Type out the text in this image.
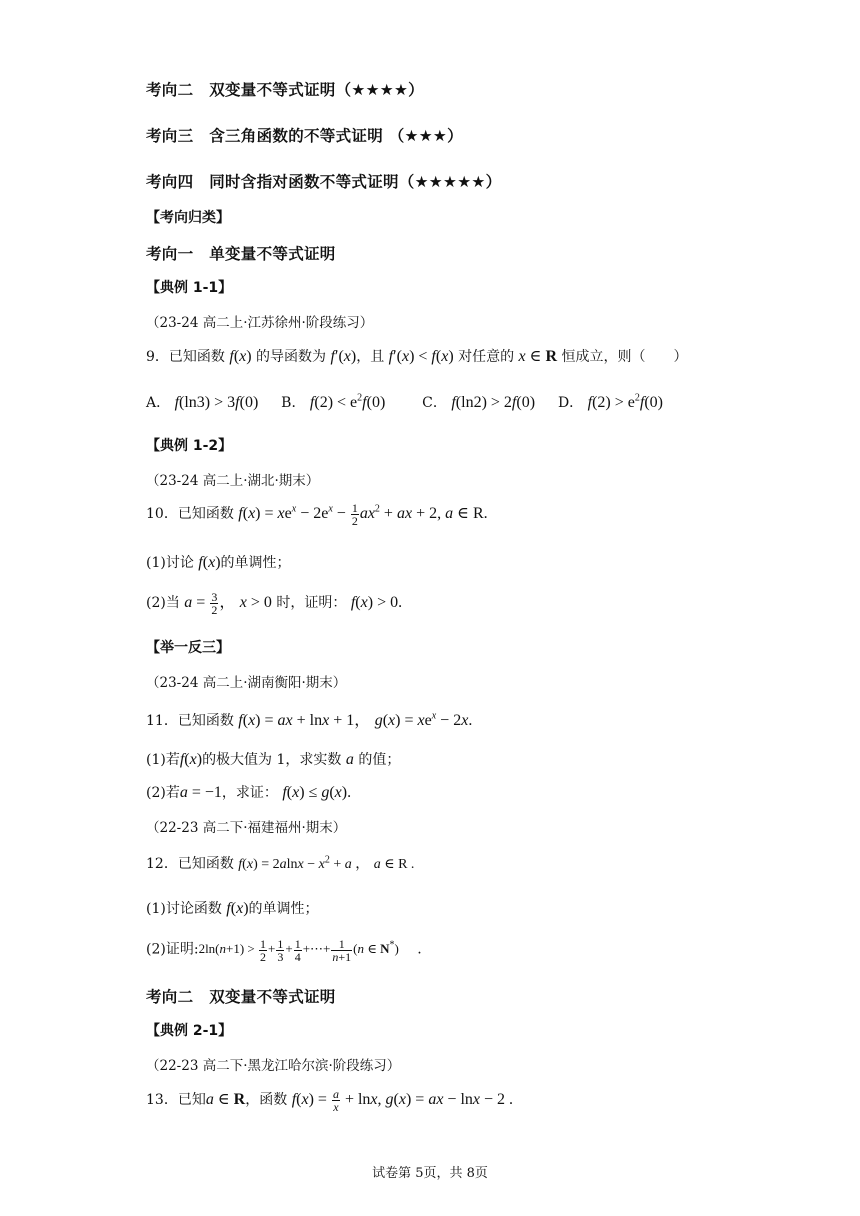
考向二　双变量不等式证明（★★★★）
考向三　含三角函数的不等式证明 （★★★）
考向四　同时含指对函数不等式证明（★★★★★）
【考向归类】
考向一　单变量不等式证明
【典例 1-1】
（23-24 高二上·江苏徐州·阶段练习）
9．已知函数 f(x) 的导函数为 f′(x)，且 f′(x) < f(x) 对任意的 x ∈ R 恒成立，则（　　）
A． f(ln3) > 3f(0) B． $f(2) < e^2f(0)$	C． f(ln2) > 2f(0) D． $f(2) > e^2f(0)$
【典例 1-2】
（23-24 高二上·湖北·期末）
10．已知函数 $f(x) = xe^x - 2e^x - \frac{1}{2} ax^2$ + ax + 2, a ∈ R.
(1)讨论 f(x)的单调性；
(2)当 $a = \frac{3}{2}$ ， x > 0 时，证明： f(x) > 0.
【举一反三】
（23-24 高二上·湖南衡阳·期末）
11．已知函数 f(x) = ax + lnx + 1， $g(x) = xe^x - 2x$.
(1)若f(x)的极大值为 1，求实数 a 的值；
(2)若a = −1，求证： f(x) ≤ g(x).
（22-23 高二下·福建福州·期末）
12．已知函数 $f(x) = 2alnx - x^2 + a$ ， a ∈ R .
(1)讨论函数 f(x)的单调性；
(2)证明:2ln(n+1) > $\frac{1}{2} + \frac{1}{3} + \frac{1}{4}$ +⋯+ $\frac{1}{n+1} (n$ ∈ N*)　 .
考向二　双变量不等式证明
【典例 2-1】
（22-23 高二下·黑龙江哈尔滨·阶段练习）
13．已知a ∈ R，函数 $f(x) = \frac{a}{x} + \ln x$, g(x) = ax − lnx − 2 .
试卷第 5页，共 8页
